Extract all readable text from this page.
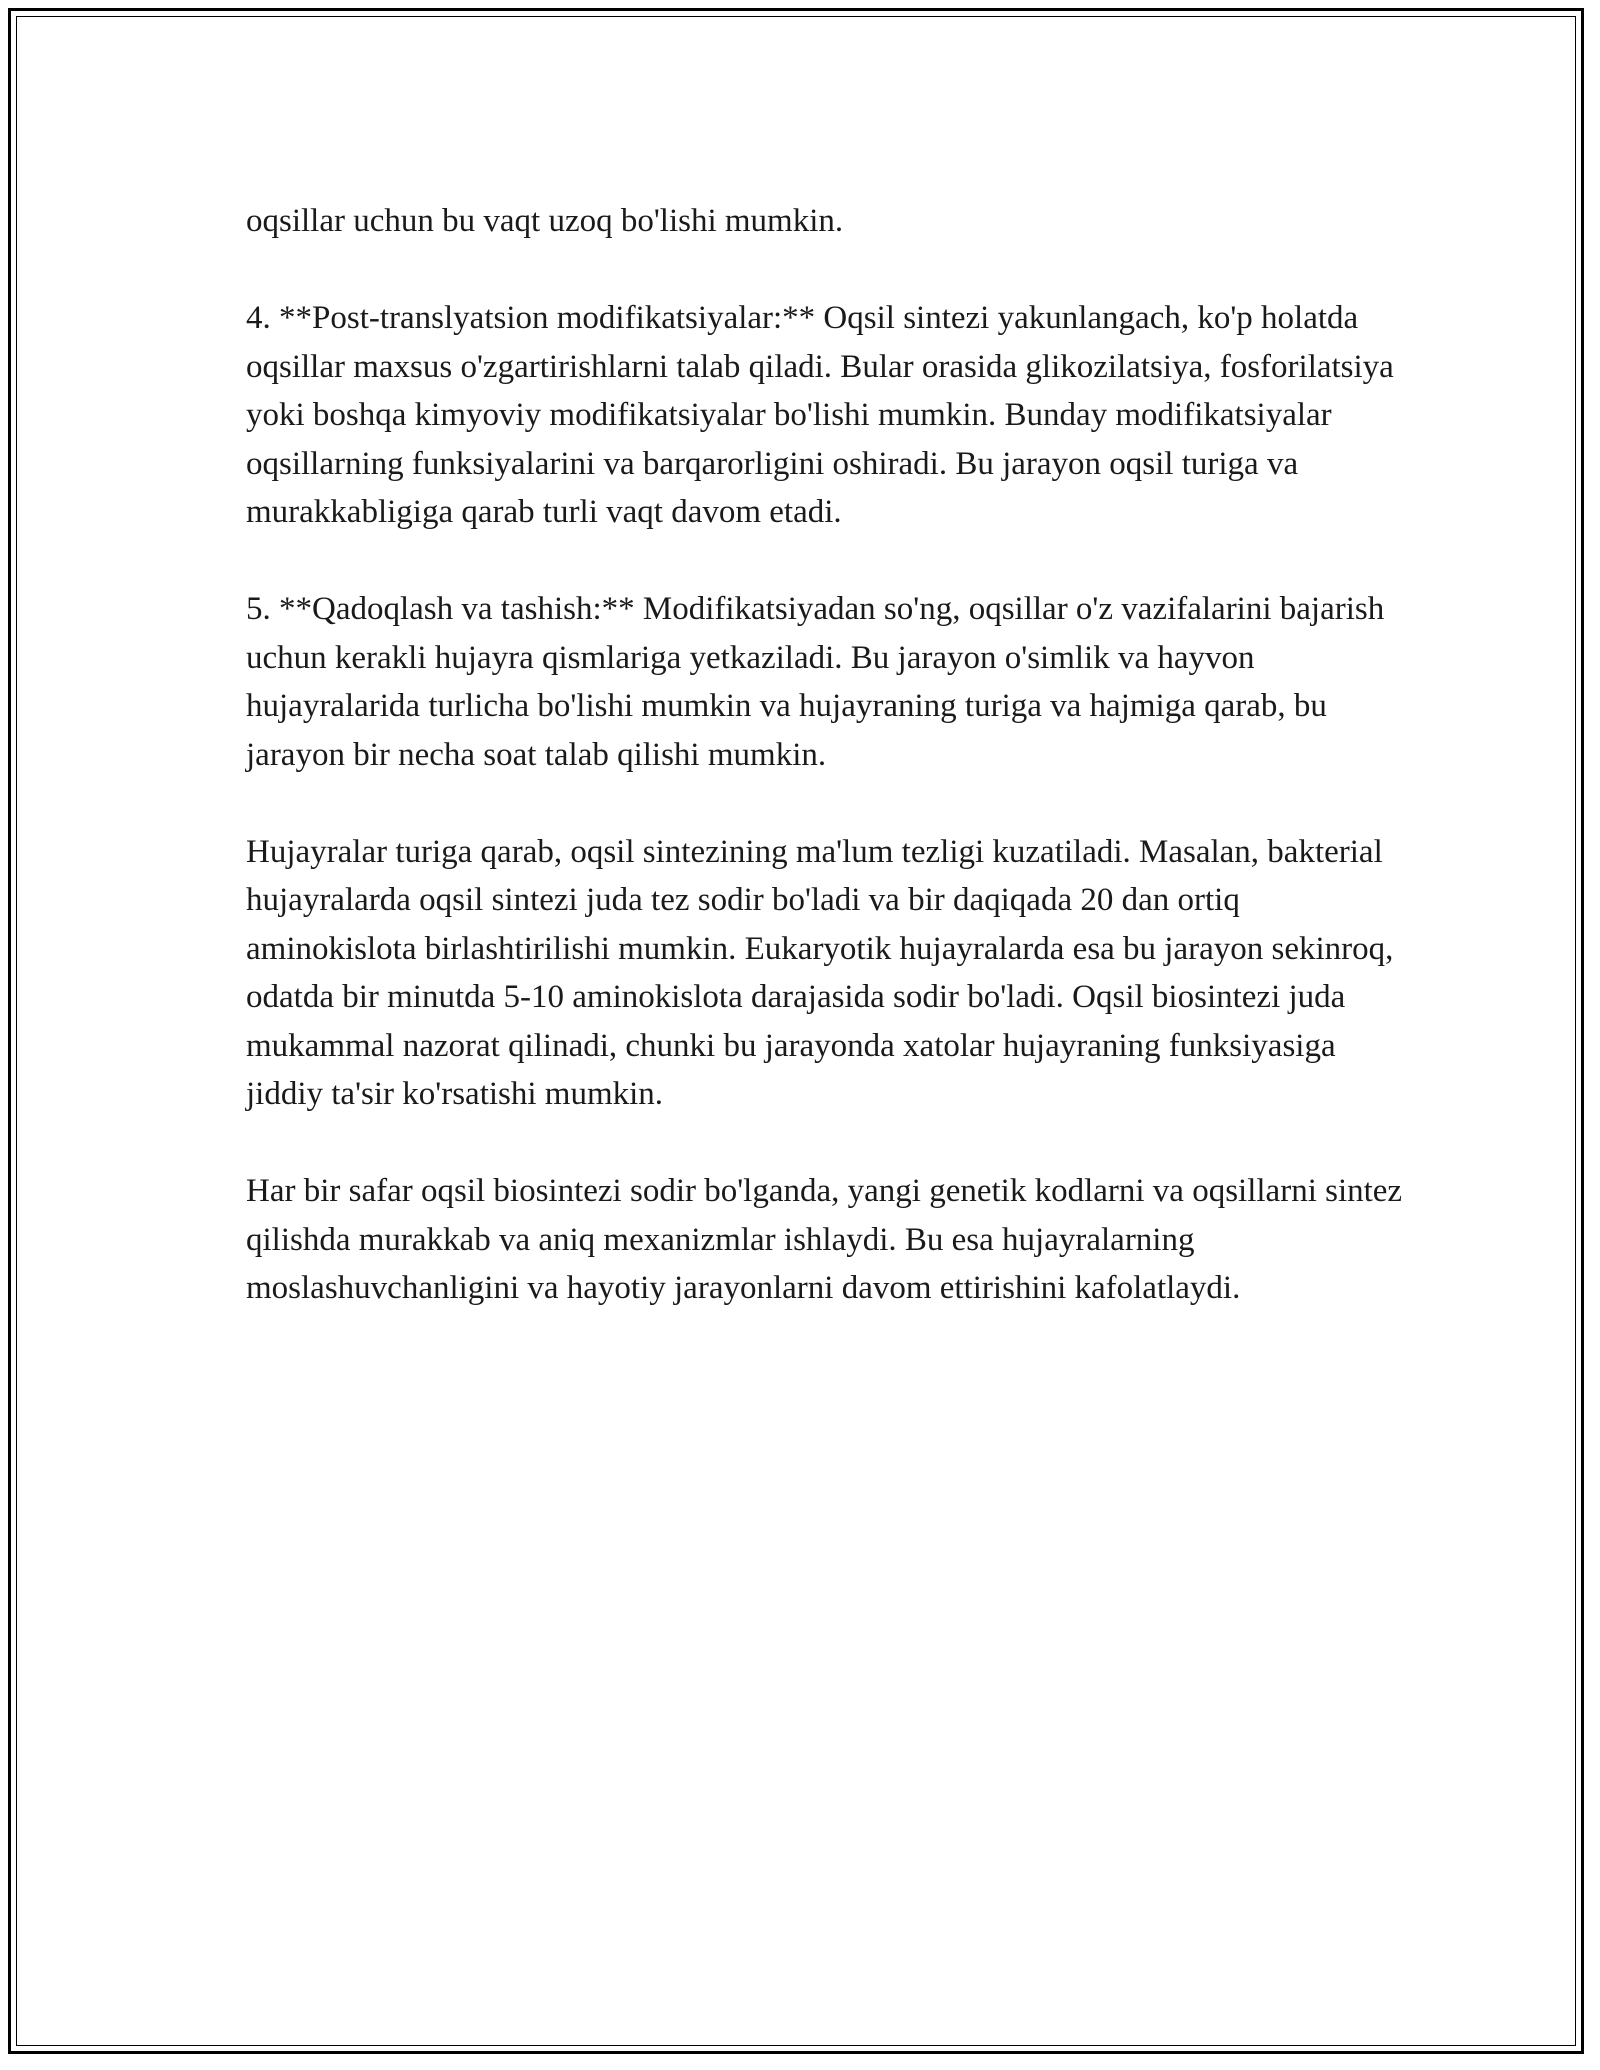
oqsillar uchun bu vaqt uzoq bo'lishi mumkin.

4. **Post-translyatsion modifikatsiyalar:** Oqsil sintezi yakunlangach, ko'p holatda oqsillar maxsus o'zgartirishlarni talab qiladi. Bular orasida glikozilatsiya, fosforilatsiya yoki boshqa kimyoviy modifikatsiyalar bo'lishi mumkin. Bunday modifikatsiyalar oqsillarning funksiyalarini va barqarorligini oshiradi. Bu jarayon oqsil turiga va murakkabligiga qarab turli vaqt davom etadi.

5. **Qadoqlash va tashish:** Modifikatsiyadan so'ng, oqsillar o'z vazifalarini bajarish uchun kerakli hujayra qismlariga yetkaziladi. Bu jarayon o'simlik va hayvon hujayralarida turlicha bo'lishi mumkin va hujayraning turiga va hajmiga qarab, bu jarayon bir necha soat talab qilishi mumkin.

Hujayralar turiga qarab, oqsil sintezining ma'lum tezligi kuzatiladi. Masalan, bakterial hujayralarda oqsil sintezi juda tez sodir bo'ladi va bir daqiqada 20 dan ortiq aminokislota birlashtirilishi mumkin. Eukaryotik hujayralarda esa bu jarayon sekinroq, odatda bir minutda 5-10 aminokislota darajasida sodir bo'ladi. Oqsil biosintezi juda mukammal nazorat qilinadi, chunki bu jarayonda xatolar hujayraning funksiyasiga jiddiy ta'sir ko'rsatishi mumkin.

Har bir safar oqsil biosintezi sodir bo'lganda, yangi genetik kodlarni va oqsillarni sintez qilishda murakkab va aniq mexanizmlar ishlaydi. Bu esa hujayralarning moslashuvchanligini va hayotiy jarayonlarni davom ettirishini kafolatlaydi.
